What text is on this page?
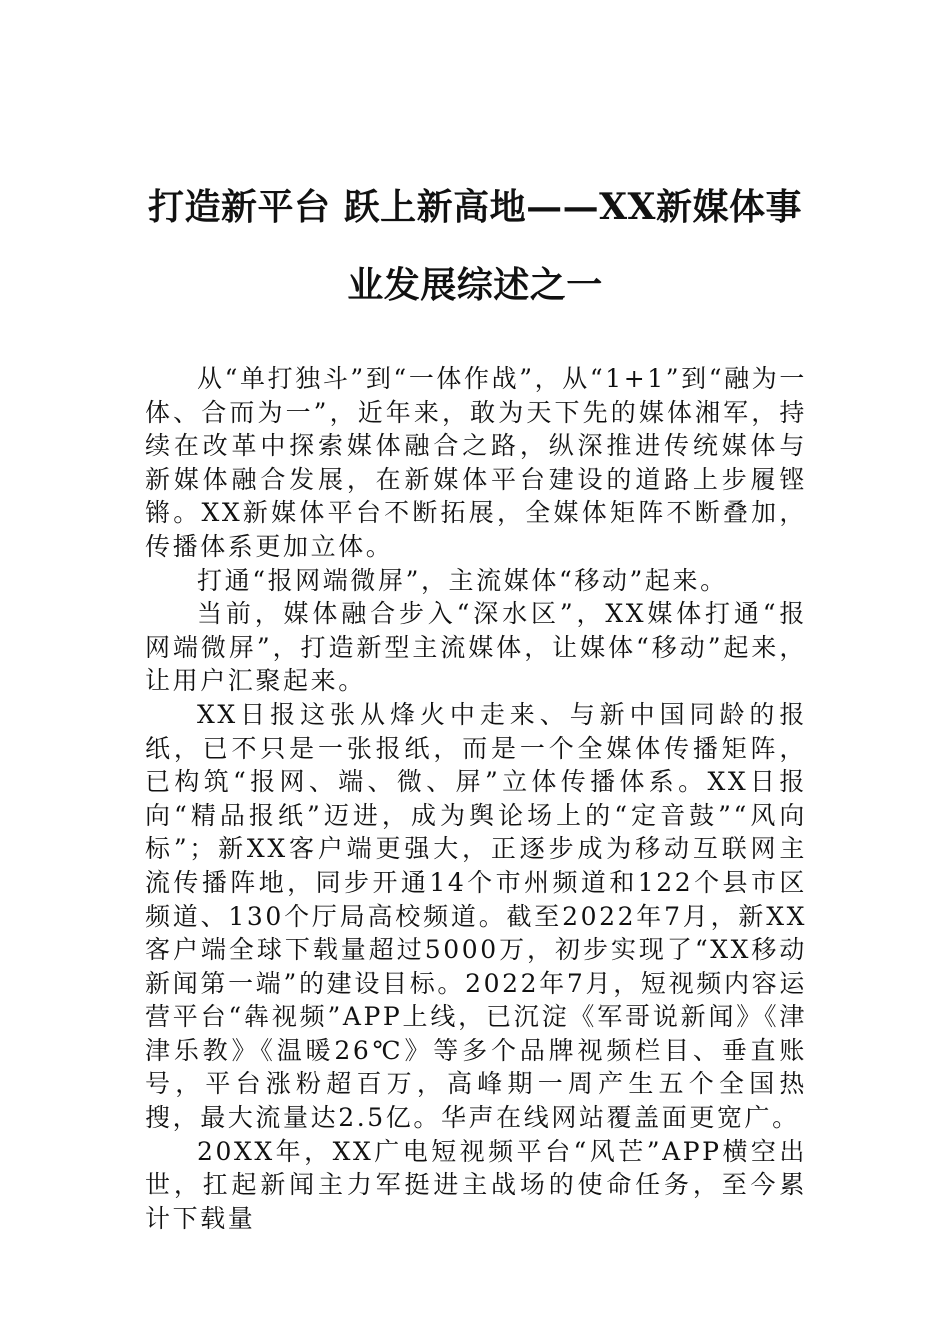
打造新平台 跃上新高地——XX新媒体事
业发展综述之一

从“单打独斗”到“一体作战”，从“1+1”到“融为一体、合而为一”，近年来，敢为天下先的媒体湘军，持续在改革中探索媒体融合之路，纵深推进传统媒体与新媒体融合发展，在新媒体平台建设的道路上步履铿锵。XX新媒体平台不断拓展，全媒体矩阵不断叠加，传播体系更加立体。

打通“报网端微屏”，主流媒体“移动”起来。

当前，媒体融合步入“深水区”，XX媒体打通“报网端微屏”，打造新型主流媒体，让媒体“移动”起来，让用户汇聚起来。

XX日报这张从烽火中走来、与新中国同龄的报纸，已不只是一张报纸，而是一个全媒体传播矩阵，已构筑“报网、端、微、屏”立体传播体系。XX日报向“精品报纸”迈进，成为舆论场上的“定音鼓”“风向标”；新XX客户端更强大，正逐步成为移动互联网主流传播阵地，同步开通14个市州频道和122个县市区频道、130个厅局高校频道。截至2022年7月，新XX客户端全球下载量超过5000万，初步实现了“XX移动新闻第一端”的建设目标。2022年7月，短视频内容运营平台“犇视频”APP上线，已沉淀《军哥说新闻》《津津乐教》《温暖26℃》等多个品牌视频栏目、垂直账号，平台涨粉超百万，高峰期一周产生五个全国热搜，最大流量达2.5亿。华声在线网站覆盖面更宽广。

20XX年，XX广电短视频平台“风芒”APP横空出世，扛起新闻主力军挺进主战场的使命任务，至今累计下载量
